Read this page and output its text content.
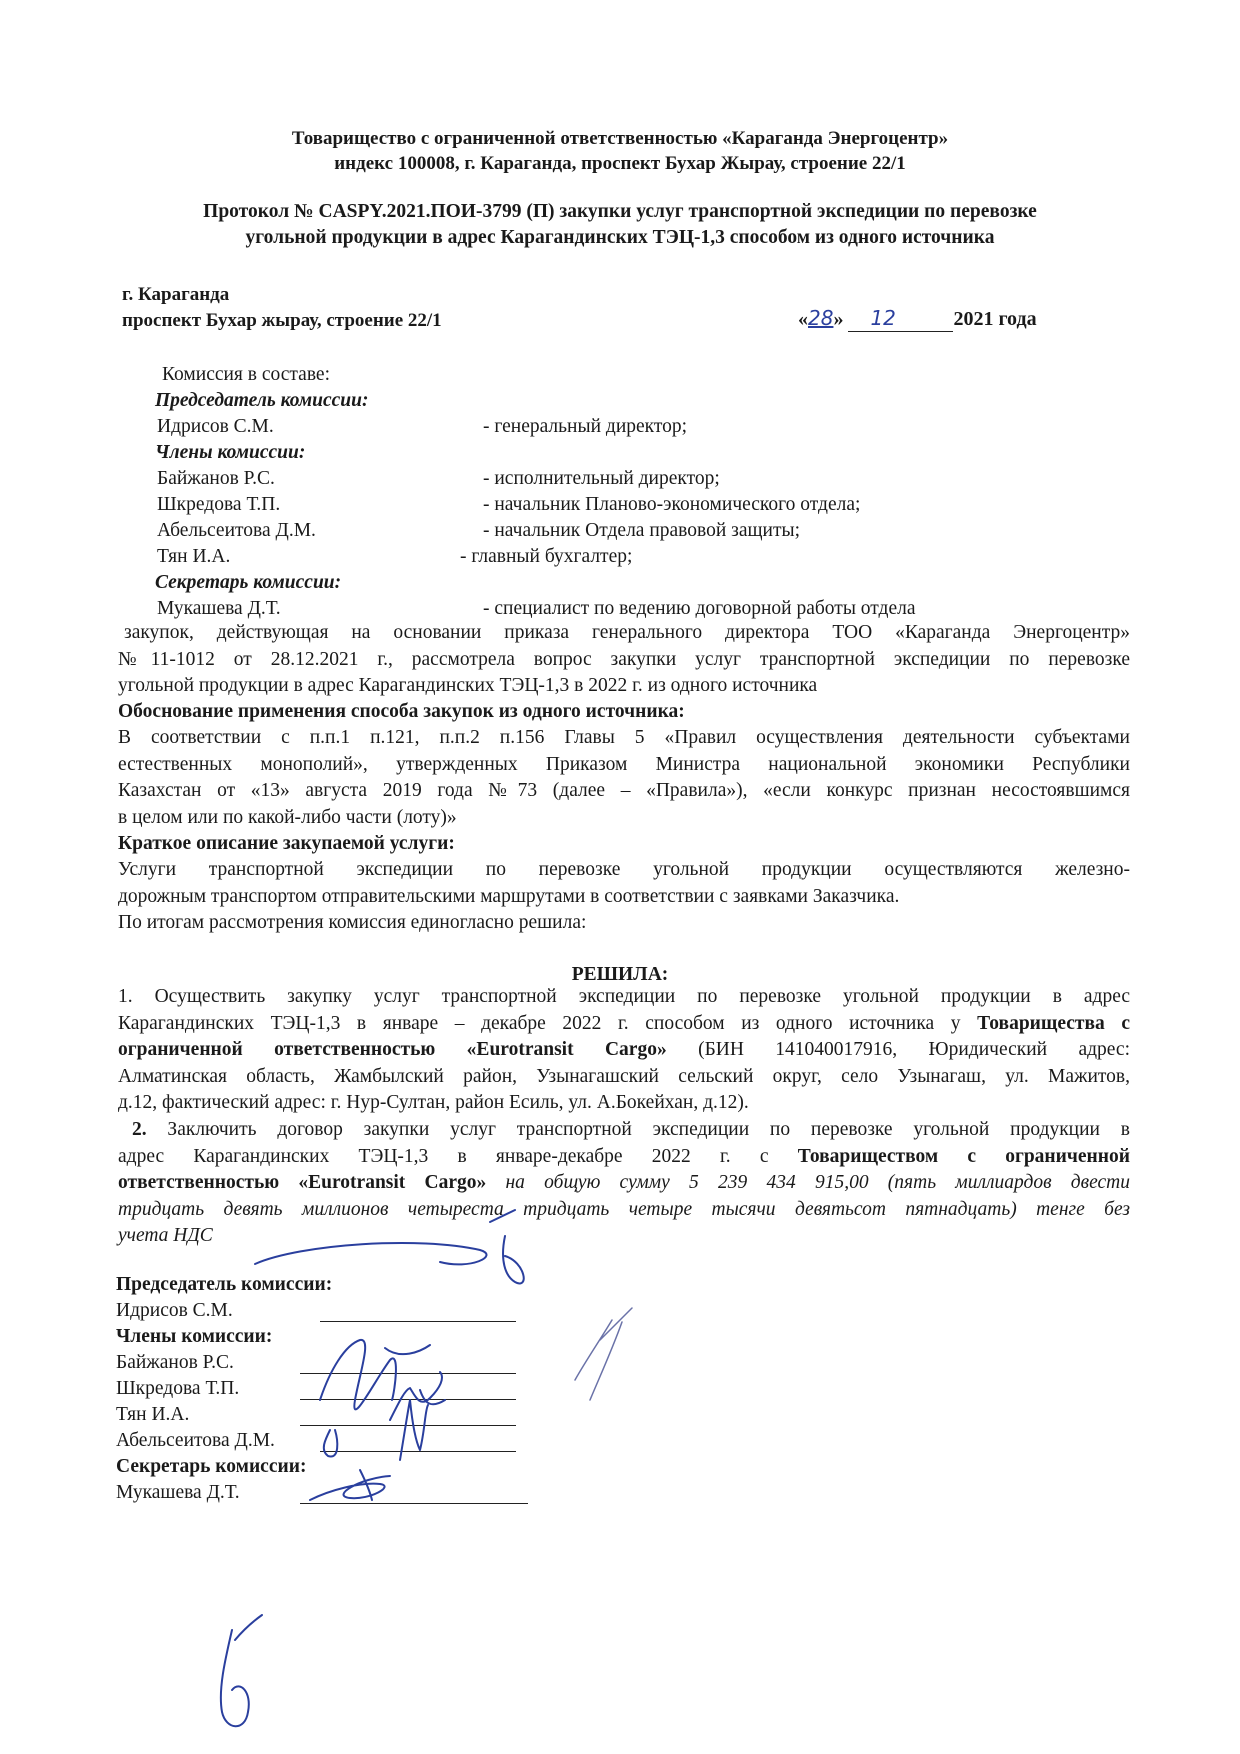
Товарищество с ограниченной ответственностью «Караганда Энергоцентр»
индекс 100008, г. Караганда, проспект Бухар Жырау, строение 22/1
Протокол № CASPY.2021.ПОИ-3799 (П) закупки услуг транспортной экспедиции по перевозке
угольной продукции в адрес Карагандинских ТЭЦ-1,3 способом из одного источника
г. Караганда
проспект Бухар жырау, строение 22/1	«28» 12	2021 года
Комиссия в составе:
Председатель комиссии:
Идрисов С.М.	- генеральный директор;
Члены комиссии:
Байжанов Р.С.	- исполнительный директор;
Шкредова Т.П.	- начальник Планово-экономического отдела;
Абельсеитова Д.М.	- начальник Отдела правовой защиты;
Тян И.А.	- главный бухгалтер;
Секретарь комиссии:
Мукашева Д.Т.	- специалист по ведению договорной работы отдела
закупок, действующая на основании приказа генерального директора ТОО «Караганда Энергоцентр»
№11-1012 от 28.12.2021 г., рассмотрела вопрос закупки услуг транспортной экспедиции по перевозке
угольной продукции в адрес Карагандинских ТЭЦ-1,3 в 2022 г. из одного источника
Обоснование применения способа закупок из одного источника:
В соответствии с п.п.1 п.121, п.п.2 п.156 Главы 5 «Правил осуществления деятельности субъектами
естественных монополий», утвержденных Приказом Министра национальной экономики Республики
Казахстан от «13» августа 2019 года №73 (далее – «Правила»), «если конкурс признан несостоявшимся
в целом или по какой-либо части (лоту)»
Краткое описание закупаемой услуги:
Услуги транспортной экспедиции по перевозке угольной продукции осуществляются железно-
дорожным транспортом отправительскими маршрутами в соответствии с заявками Заказчика.
По итогам рассмотрения комиссия единогласно решила:
РЕШИЛА:
1. Осуществить закупку услуг транспортной экспедиции по перевозке угольной продукции в адрес
Карагандинских ТЭЦ-1,3 в январе – декабре 2022 г. способом из одного источника у Товарищества с
ограниченной ответственностью «Eurotransit Cargo» (БИН 141040017916, Юридический адрес:
Алматинская область, Жамбылский район, Узынагашский сельский округ, село Узынагаш, ул. Мажитов,
д.12, фактический адрес: г. Нур-Султан, район Есиль, ул. А.Бокейхан, д.12).
2. Заключить договор закупки услуг транспортной экспедиции по перевозке угольной продукции в
адрес Карагандинских ТЭЦ-1,3 в январе-декабре 2022 г. с Товариществом с ограниченной
ответственностью «Eurotransit Cargo» на общую сумму 5 239 434 915,00 (пять миллиардов двести
тридцать девять миллионов четыреста тридцать четыре тысячи девятьсот пятнадцать) тенге без
учета НДС
Председатель комиссии:
Идрисов С.М.
Члены комиссии:
Байжанов Р.С.
Шкредова Т.П.
Тян И.А.
Абельсеитова Д.М.
Секретарь комиссии:
Мукашева Д.Т.
